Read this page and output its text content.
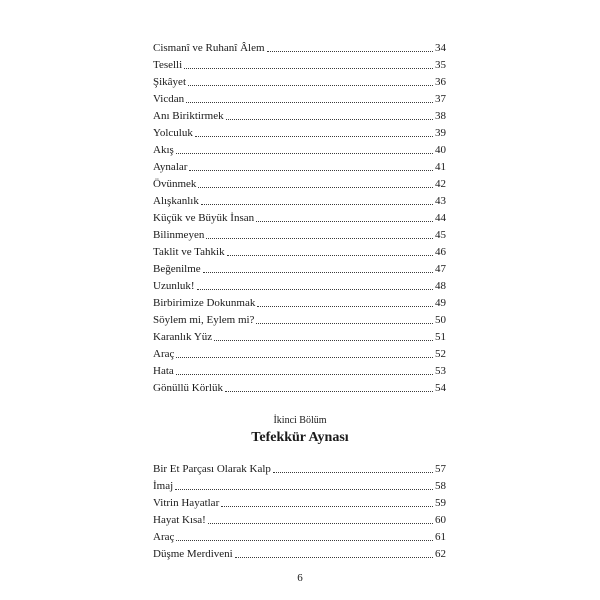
Cismanî ve Ruhanî Âlem	34
Teselli	35
Şikâyet	36
Vicdan	37
Anı Biriktirmek	38
Yolculuk	39
Akış	40
Aynalar	41
Övünmek	42
Alışkanlık	43
Küçük ve Büyük İnsan	44
Bilinmeyen	45
Taklit ve Tahkik	46
Beğenilme	47
Uzunluk!	48
Birbirimize Dokunmak	49
Söylem mi, Eylem mi?	50
Karanlık Yüz	51
Araç	52
Hata	53
Gönüllü Körlük	54
İkinci Bölüm
Tefekkür Aynası
Bir Et Parçası Olarak Kalp	57
İmaj	58
Vitrin Hayatlar	59
Hayat Kısa!	60
Araç	61
Düşme Merdiveni	62
6
